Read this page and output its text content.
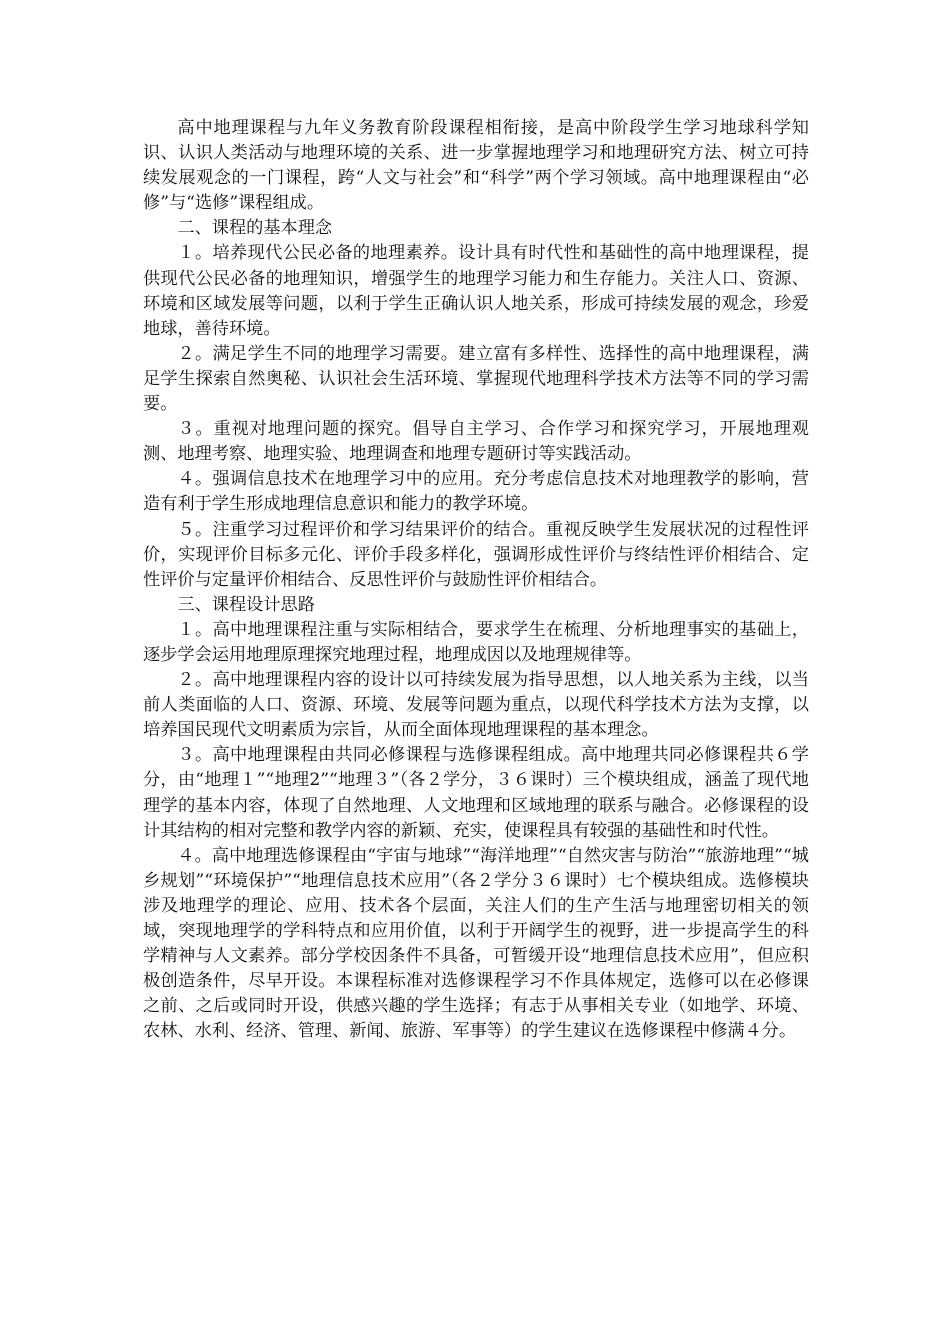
高中地理课程与九年义务教育阶段课程相衔接，是高中阶段学生学习地球科学知识、认识人类活动与地理环境的关系、进一步掌握地理学习和地理研究方法、树立可持续发展观念的一门课程，跨“人文与社会”和“科学”两个学习领域。高中地理课程由“必修”与“选修”课程组成。

二、课程的基本理念

１。培养现代公民必备的地理素养。设计具有时代性和基础性的高中地理课程，提供现代公民必备的地理知识，增强学生的地理学习能力和生存能力。关注人口、资源、环境和区域发展等问题，以利于学生正确认识人地关系，形成可持续发展的观念，珍爱地球，善待环境。

２。满足学生不同的地理学习需要。建立富有多样性、选择性的高中地理课程，满足学生探索自然奥秘、认识社会生活环境、掌握现代地理科学技术方法等不同的学习需要。

３。重视对地理问题的探究。倡导自主学习、合作学习和探究学习，开展地理观测、地理考察、地理实验、地理调查和地理专题研讨等实践活动。

４。强调信息技术在地理学习中的应用。充分考虑信息技术对地理教学的影响，营造有利于学生形成地理信息意识和能力的教学环境。

５。注重学习过程评价和学习结果评价的结合。重视反映学生发展状况的过程性评价，实现评价目标多元化、评价手段多样化，强调形成性评价与终结性评价相结合、定性评价与定量评价相结合、反思性评价与鼓励性评价相结合。

三、课程设计思路

１。高中地理课程注重与实际相结合，要求学生在梳理、分析地理事实的基础上，逐步学会运用地理原理探究地理过程，地理成因以及地理规律等。

２。高中地理课程内容的设计以可持续发展为指导思想，以人地关系为主线，以当前人类面临的人口、资源、环境、发展等问题为重点，以现代科学技术方法为支撑，以培养国民现代文明素质为宗旨，从而全面体现地理课程的基本理念。

３。高中地理课程由共同必修课程与选修课程组成。高中地理共同必修课程共６学分，由“地理１”“地理2”“地理３”（各２学分，３６课时）三个模块组成，涵盖了现代地理学的基本内容，体现了自然地理、人文地理和区域地理的联系与融合。必修课程的设计其结构的相对完整和教学内容的新颖、充实，使课程具有较强的基础性和时代性。

４。高中地理选修课程由“宇宙与地球”“海洋地理”“自然灾害与防治”“旅游地理”“城乡规划”“环境保护”“地理信息技术应用”（各２学分３６课时）七个模块组成。选修模块涉及地理学的理论、应用、技术各个层面，关注人们的生产生活与地理密切相关的领域，突现地理学的学科特点和应用价值，以利于开阔学生的视野，进一步提高学生的科学精神与人文素养。部分学校因条件不具备，可暂缓开设“地理信息技术应用”，但应积极创造条件，尽早开设。本课程标准对选修课程学习不作具体规定，选修可以在必修课之前、之后或同时开设，供感兴趣的学生选择；有志于从事相关专业（如地学、环境、农林、水利、经济、管理、新闻、旅游、军事等）的学生建议在选修课程中修满４分。
